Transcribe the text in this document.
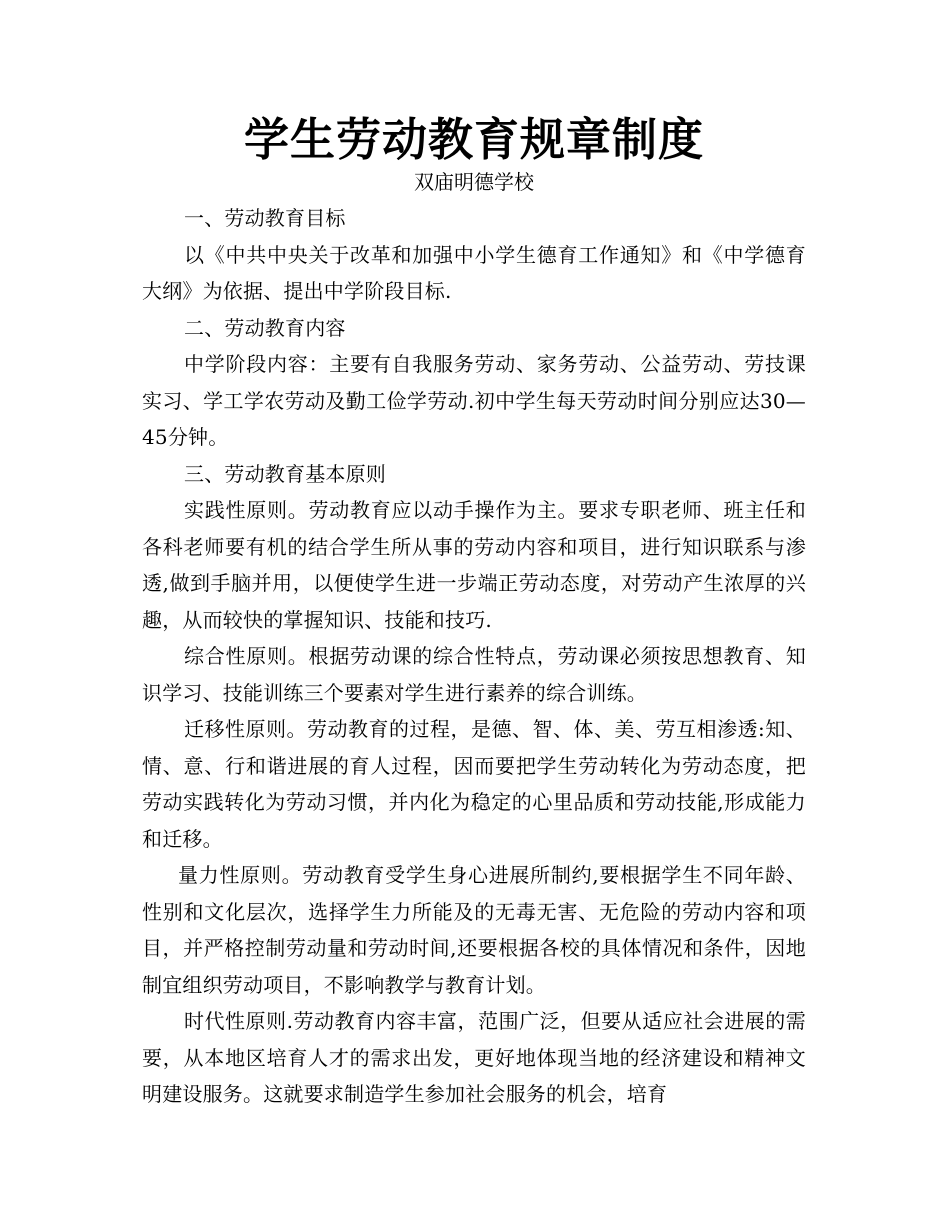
学生劳动教育规章制度

双庙明德学校

一、劳动教育目标

以《中共中央关于改革和加强中小学生德育工作通知》和《中学德育大纲》为依据、提出中学阶段目标.

二、劳动教育内容

中学阶段内容：主要有自我服务劳动、家务劳动、公益劳动、劳技课实习、学工学农劳动及勤工俭学劳动.初中学生每天劳动时间分别应达30—45分钟。

三、劳动教育基本原则

实践性原则。劳动教育应以动手操作为主。要求专职老师、班主任和各科老师要有机的结合学生所从事的劳动内容和项目，进行知识联系与渗透,做到手脑并用，以便使学生进一步端正劳动态度，对劳动产生浓厚的兴趣，从而较快的掌握知识、技能和技巧.

综合性原则。根据劳动课的综合性特点，劳动课必须按思想教育、知识学习、技能训练三个要素对学生进行素养的综合训练。

迁移性原则。劳动教育的过程，是德、智、体、美、劳互相渗透:知、情、意、行和谐进展的育人过程，因而要把学生劳动转化为劳动态度，把劳动实践转化为劳动习惯，并内化为稳定的心里品质和劳动技能,形成能力和迁移。

量力性原则。劳动教育受学生身心进展所制约,要根据学生不同年龄、性别和文化层次，选择学生力所能及的无毒无害、无危险的劳动内容和项目，并严格控制劳动量和劳动时间,还要根据各校的具体情况和条件，因地制宜组织劳动项目，不影响教学与教育计划。

时代性原则.劳动教育内容丰富，范围广泛，但要从适应社会进展的需要，从本地区培育人才的需求出发，更好地体现当地的经济建设和精神文明建设服务。这就要求制造学生参加社会服务的机会，培育
